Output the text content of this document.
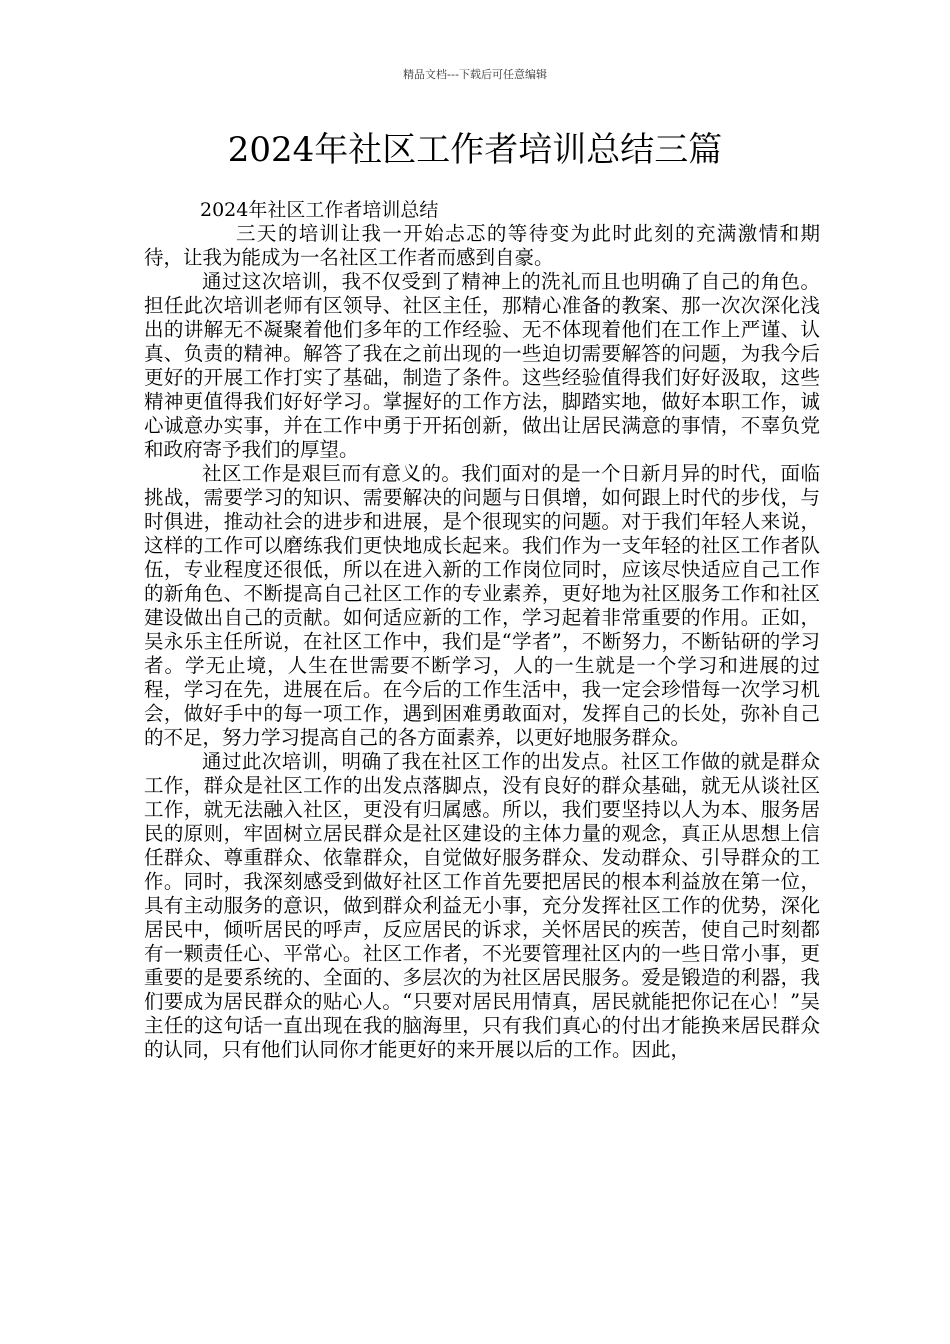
精品文档---下载后可任意编辑
2024年社区工作者培训总结三篇
2024年社区工作者培训总结

三天的培训让我一开始忐忑的等待变为此时此刻的充满激情和期待，让我为能成为一名社区工作者而感到自豪。

通过这次培训，我不仅受到了精神上的洗礼而且也明确了自己的角色。担任此次培训老师有区领导、社区主任，那精心准备的教案、那一次次深化浅出的讲解无不凝聚着他们多年的工作经验、无不体现着他们在工作上严谨、认真、负责的精神。解答了我在之前出现的一些迫切需要解答的问题，为我今后更好的开展工作打实了基础，制造了条件。这些经验值得我们好好汲取，这些精神更值得我们好好学习。掌握好的工作方法，脚踏实地，做好本职工作，诚心诚意办实事，并在工作中勇于开拓创新，做出让居民满意的事情，不辜负党和政府寄予我们的厚望。

社区工作是艰巨而有意义的。我们面对的是一个日新月异的时代，面临挑战，需要学习的知识、需要解决的问题与日俱增，如何跟上时代的步伐，与时俱进，推动社会的进步和进展，是个很现实的问题。对于我们年轻人来说，这样的工作可以磨练我们更快地成长起来。我们作为一支年轻的社区工作者队伍，专业程度还很低，所以在进入新的工作岗位同时，应该尽快适应自己工作的新角色、不断提高自己社区工作的专业素养，更好地为社区服务工作和社区建设做出自己的贡献。如何适应新的工作，学习起着非常重要的作用。正如，吴永乐主任所说，在社区工作中，我们是“学者”，不断努力，不断钻研的学习者。学无止境，人生在世需要不断学习，人的一生就是一个学习和进展的过程，学习在先，进展在后。在今后的工作生活中，我一定会珍惜每一次学习机会，做好手中的每一项工作，遇到困难勇敢面对，发挥自己的长处，弥补自己的不足，努力学习提高自己的各方面素养，以更好地服务群众。

通过此次培训，明确了我在社区工作的出发点。社区工作做的就是群众工作，群众是社区工作的出发点落脚点，没有良好的群众基础，就无从谈社区工作，就无法融入社区，更没有归属感。所以，我们要坚持以人为本、服务居民的原则，牢固树立居民群众是社区建设的主体力量的观念，真正从思想上信任群众、尊重群众、依靠群众，自觉做好服务群众、发动群众、引导群众的工作。同时，我深刻感受到做好社区工作首先要把居民的根本利益放在第一位，具有主动服务的意识，做到群众利益无小事，充分发挥社区工作的优势，深化居民中，倾听居民的呼声，反应居民的诉求，关怀居民的疾苦，使自己时刻都有一颗责任心、平常心。社区工作者，不光要管理社区内的一些日常小事，更重要的是要系统的、全面的、多层次的为社区居民服务。爱是锻造的利器，我们要成为居民群众的贴心人。“只要对居民用情真，居民就能把你记在心！”吴主任的这句话一直出现在我的脑海里，只有我们真心的付出才能换来居民群众的认同，只有他们认同你才能更好的来开展以后的工作。因此，
